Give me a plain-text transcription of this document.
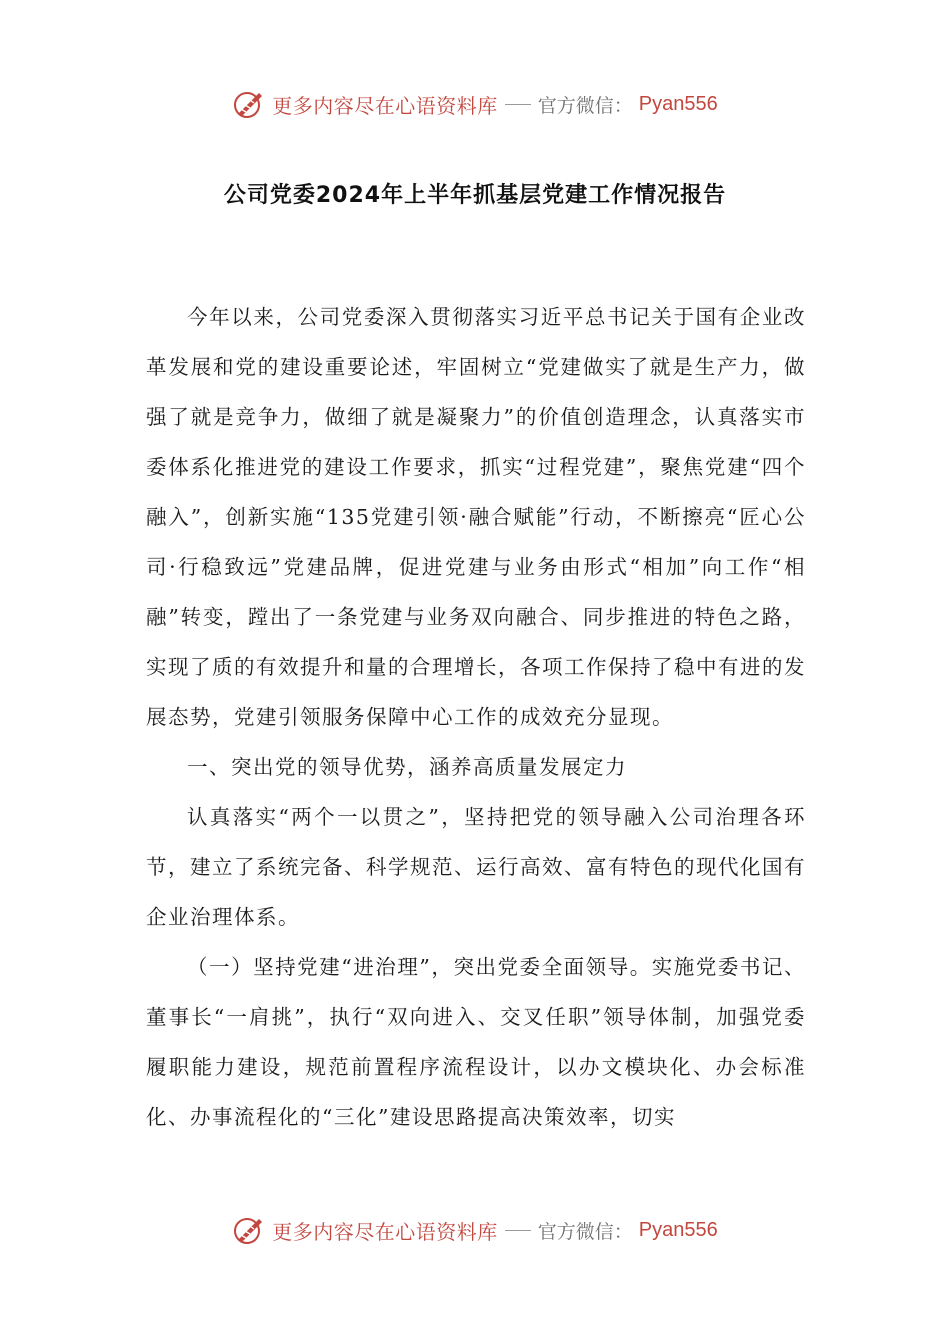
更多内容尽在心语资料库 官方微信： Pyan556
公司党委2024年上半年抓基层党建工作情况报告

今年以来，公司党委深入贯彻落实习近平总书记关于国有企业改革发展和党的建设重要论述，牢固树立“党建做实了就是生产力，做强了就是竞争力，做细了就是凝聚力”的价值创造理念，认真落实市委体系化推进党的建设工作要求，抓实“过程党建”，聚焦党建“四个融入”，创新实施“135党建引领·融合赋能”行动，不断擦亮“匠心公司·行稳致远”党建品牌，促进党建与业务由形式“相加”向工作“相融”转变，蹚出了一条党建与业务双向融合、同步推进的特色之路，实现了质的有效提升和量的合理增长，各项工作保持了稳中有进的发展态势，党建引领服务保障中心工作的成效充分显现。

一、突出党的领导优势，涵养高质量发展定力

认真落实“两个一以贯之”，坚持把党的领导融入公司治理各环节，建立了系统完备、科学规范、运行高效、富有特色的现代化国有企业治理体系。

（一）坚持党建“进治理”，突出党委全面领导。实施党委书记、董事长“一肩挑”，执行“双向进入、交叉任职”领导体制，加强党委履职能力建设，规范前置程序流程设计，以办文模块化、办会标准化、办事流程化的“三化”建设思路提高决策效率，切实

更多内容尽在心语资料库 官方微信： Pyan556
